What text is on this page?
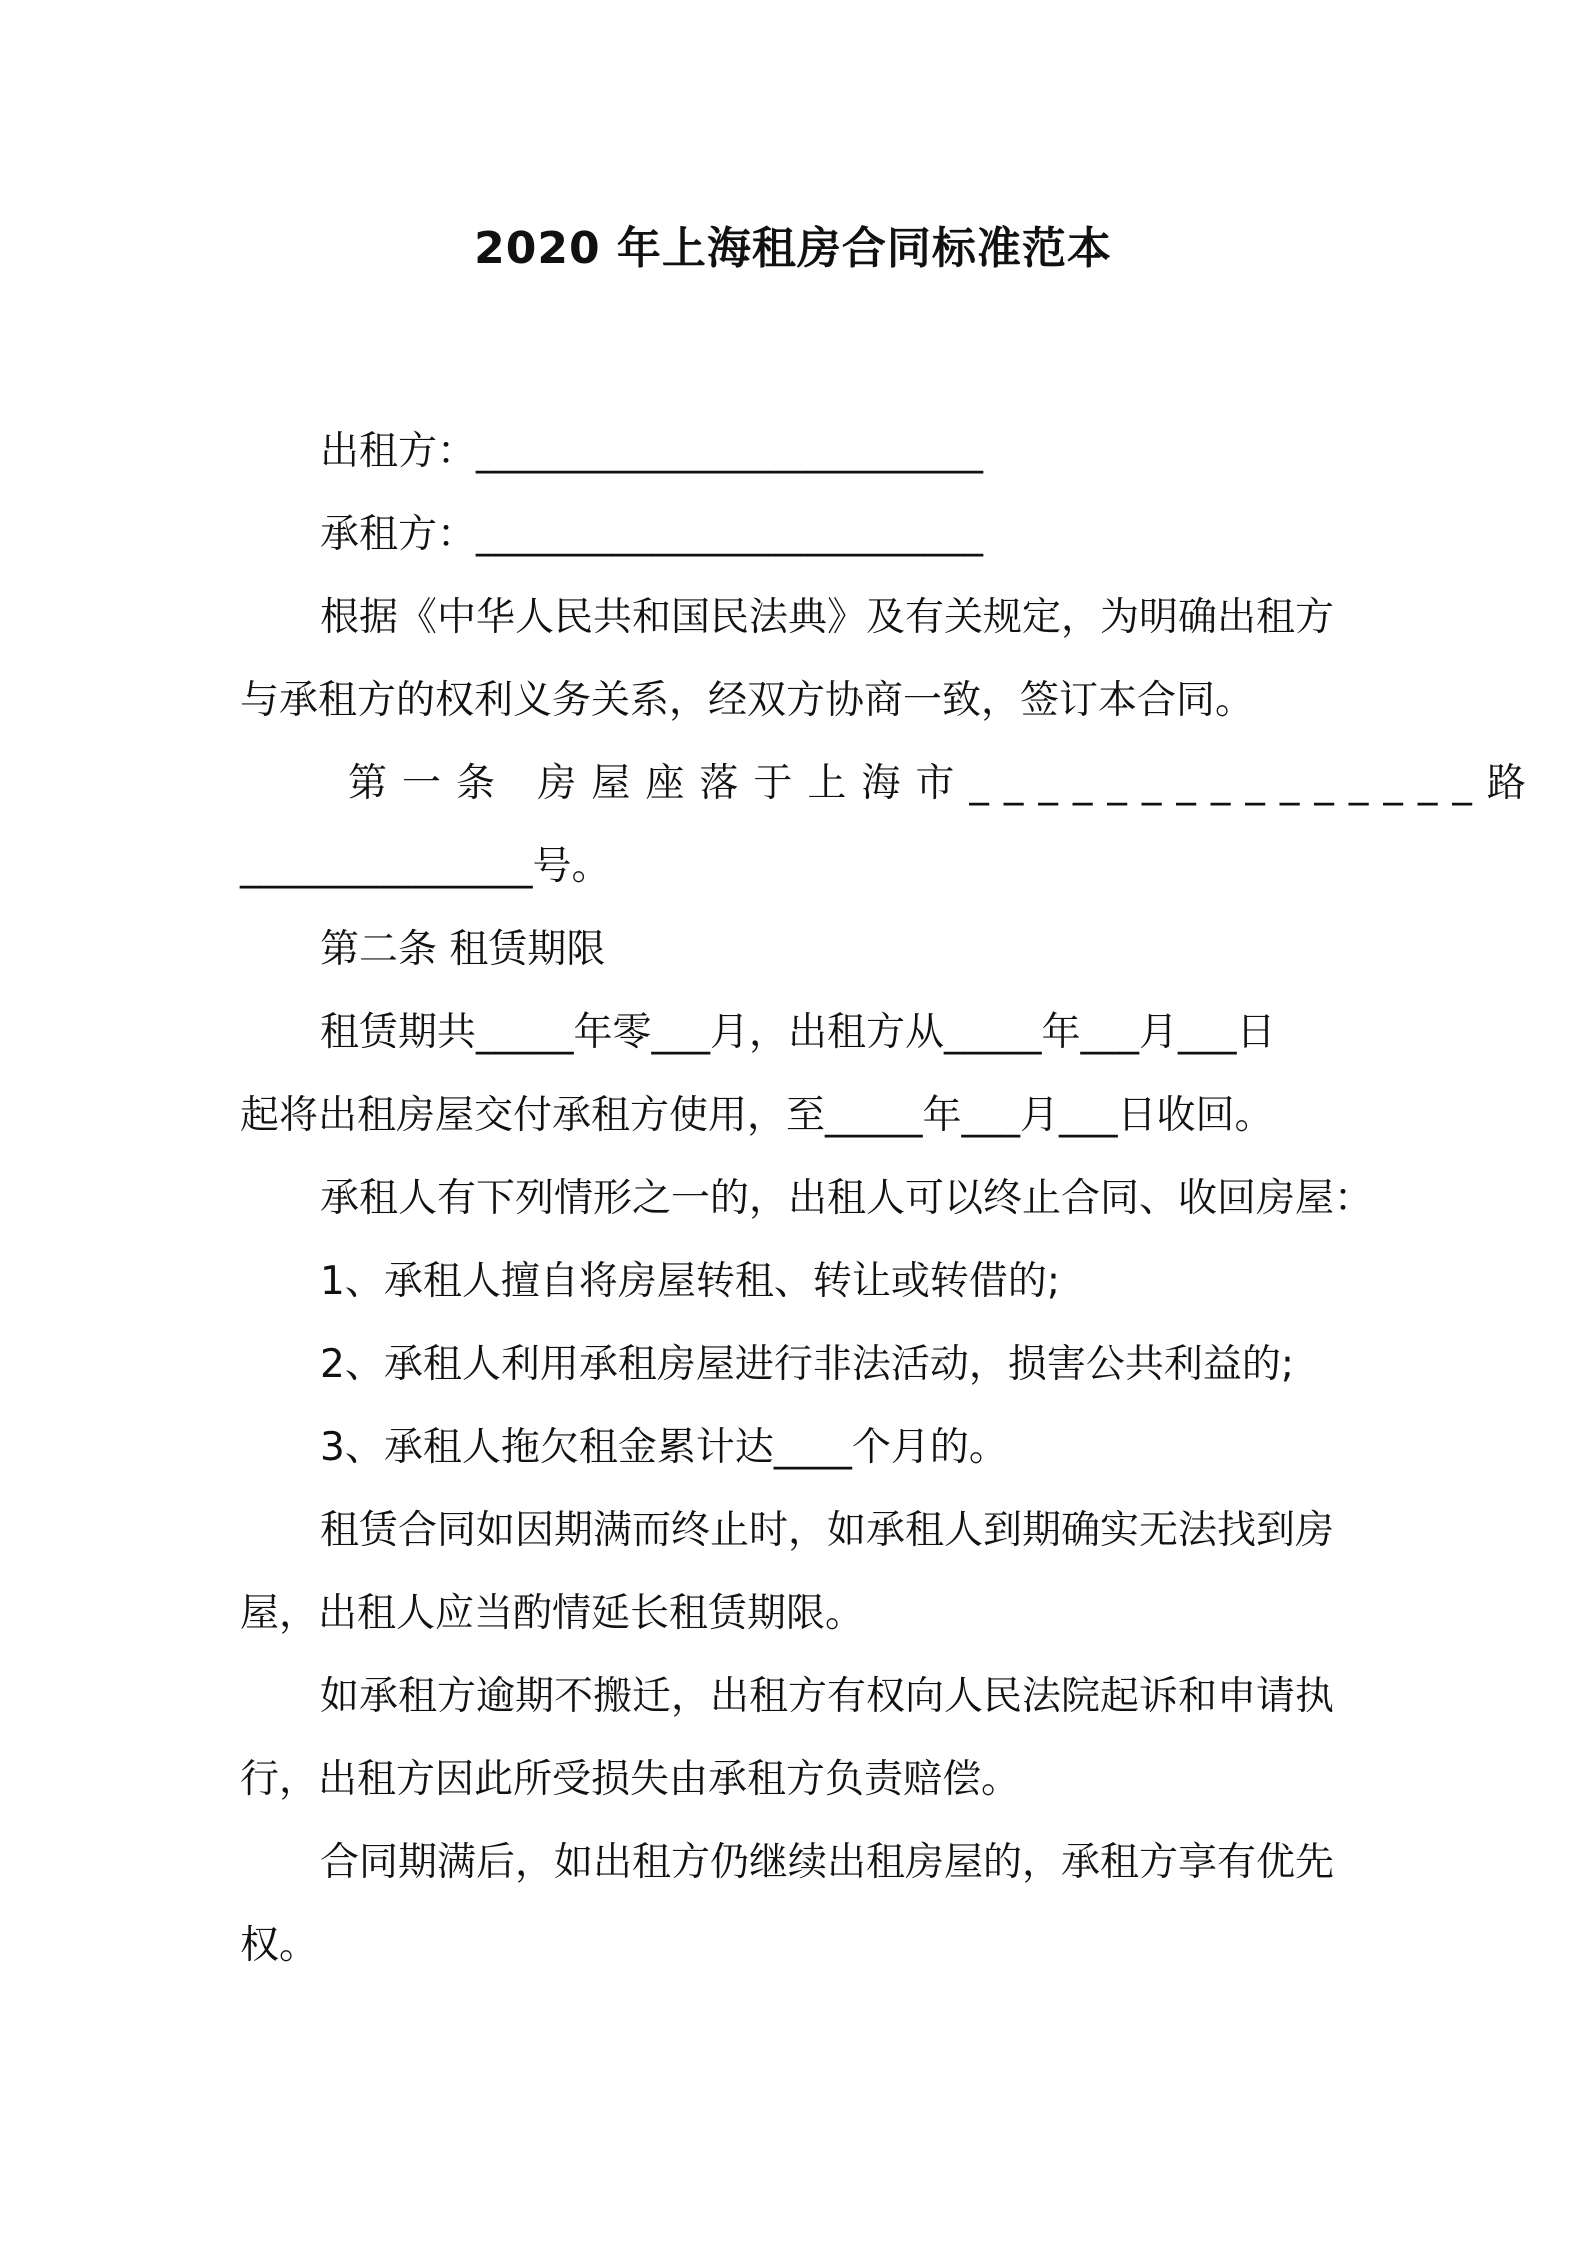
2020 年上海租房合同标准范本
出租方：__________________________
承租方：__________________________
根据《中华人民共和国民法典》及有关规定，为明确出租方
与承租方的权利义务关系，经双方协商一致，签订本合同。
第一条 房屋座落于上海市_______________路
_______________号。
第二条 租赁期限
租赁期共_____年零___月，出租方从_____年___月___日
起将出租房屋交付承租方使用，至_____年___月___日收回。
承租人有下列情形之一的，出租人可以终止合同、收回房屋：
1、承租人擅自将房屋转租、转让或转借的;
2、承租人利用承租房屋进行非法活动，损害公共利益的;
3、承租人拖欠租金累计达____个月的。
租赁合同如因期满而终止时，如承租人到期确实无法找到房
屋，出租人应当酌情延长租赁期限。
如承租方逾期不搬迁，出租方有权向人民法院起诉和申请执
行，出租方因此所受损失由承租方负责赔偿。
合同期满后，如出租方仍继续出租房屋的，承租方享有优先
权。
